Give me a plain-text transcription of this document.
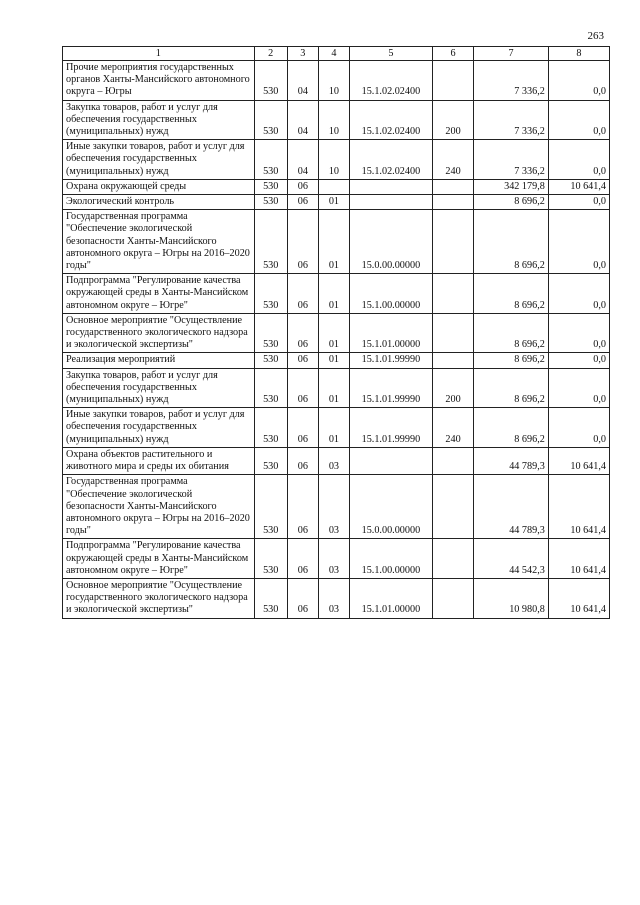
263
1	2	3	4	5	6	7	8
Прочие мероприятия государственных органов Ханты-Мансийского автономного округа – Югры	530	04	10	15.1.02.02400		7 336,2	0,0
Закупка товаров, работ и услуг для обеспечения государственных (муниципальных) нужд	530	04	10	15.1.02.02400	200	7 336,2	0,0
Иные закупки товаров, работ и услуг для обеспечения государственных (муниципальных) нужд	530	04	10	15.1.02.02400	240	7 336,2	0,0
Охрана окружающей среды	530	06				342 179,8	10 641,4
Экологический контроль	530	06	01			8 696,2	0,0
Государственная программа "Обеспечение экологической безопасности Ханты-Мансийского автономного округа – Югры на 2016–2020 годы"	530	06	01	15.0.00.00000		8 696,2	0,0
Подпрограмма "Регулирование качества окружающей среды в Ханты-Мансийском автономном округе – Югре"	530	06	01	15.1.00.00000		8 696,2	0,0
Основное мероприятие "Осуществление государственного экологического надзора и экологической экспертизы"	530	06	01	15.1.01.00000		8 696,2	0,0
Реализация мероприятий	530	06	01	15.1.01.99990		8 696,2	0,0
Закупка товаров, работ и услуг для обеспечения государственных (муниципальных) нужд	530	06	01	15.1.01.99990	200	8 696,2	0,0
Иные закупки товаров, работ и услуг для обеспечения государственных (муниципальных) нужд	530	06	01	15.1.01.99990	240	8 696,2	0,0
Охрана объектов растительного и животного мира и среды их обитания	530	06	03			44 789,3	10 641,4
Государственная программа "Обеспечение экологической безопасности Ханты-Мансийского автономного округа – Югры на 2016–2020 годы"	530	06	03	15.0.00.00000		44 789,3	10 641,4
Подпрограмма "Регулирование качества окружающей среды в Ханты-Мансийском автономном округе – Югре"	530	06	03	15.1.00.00000		44 542,3	10 641,4
Основное мероприятие "Осуществление государственного экологического надзора и экологической экспертизы"	530	06	03	15.1.01.00000		10 980,8	10 641,4
